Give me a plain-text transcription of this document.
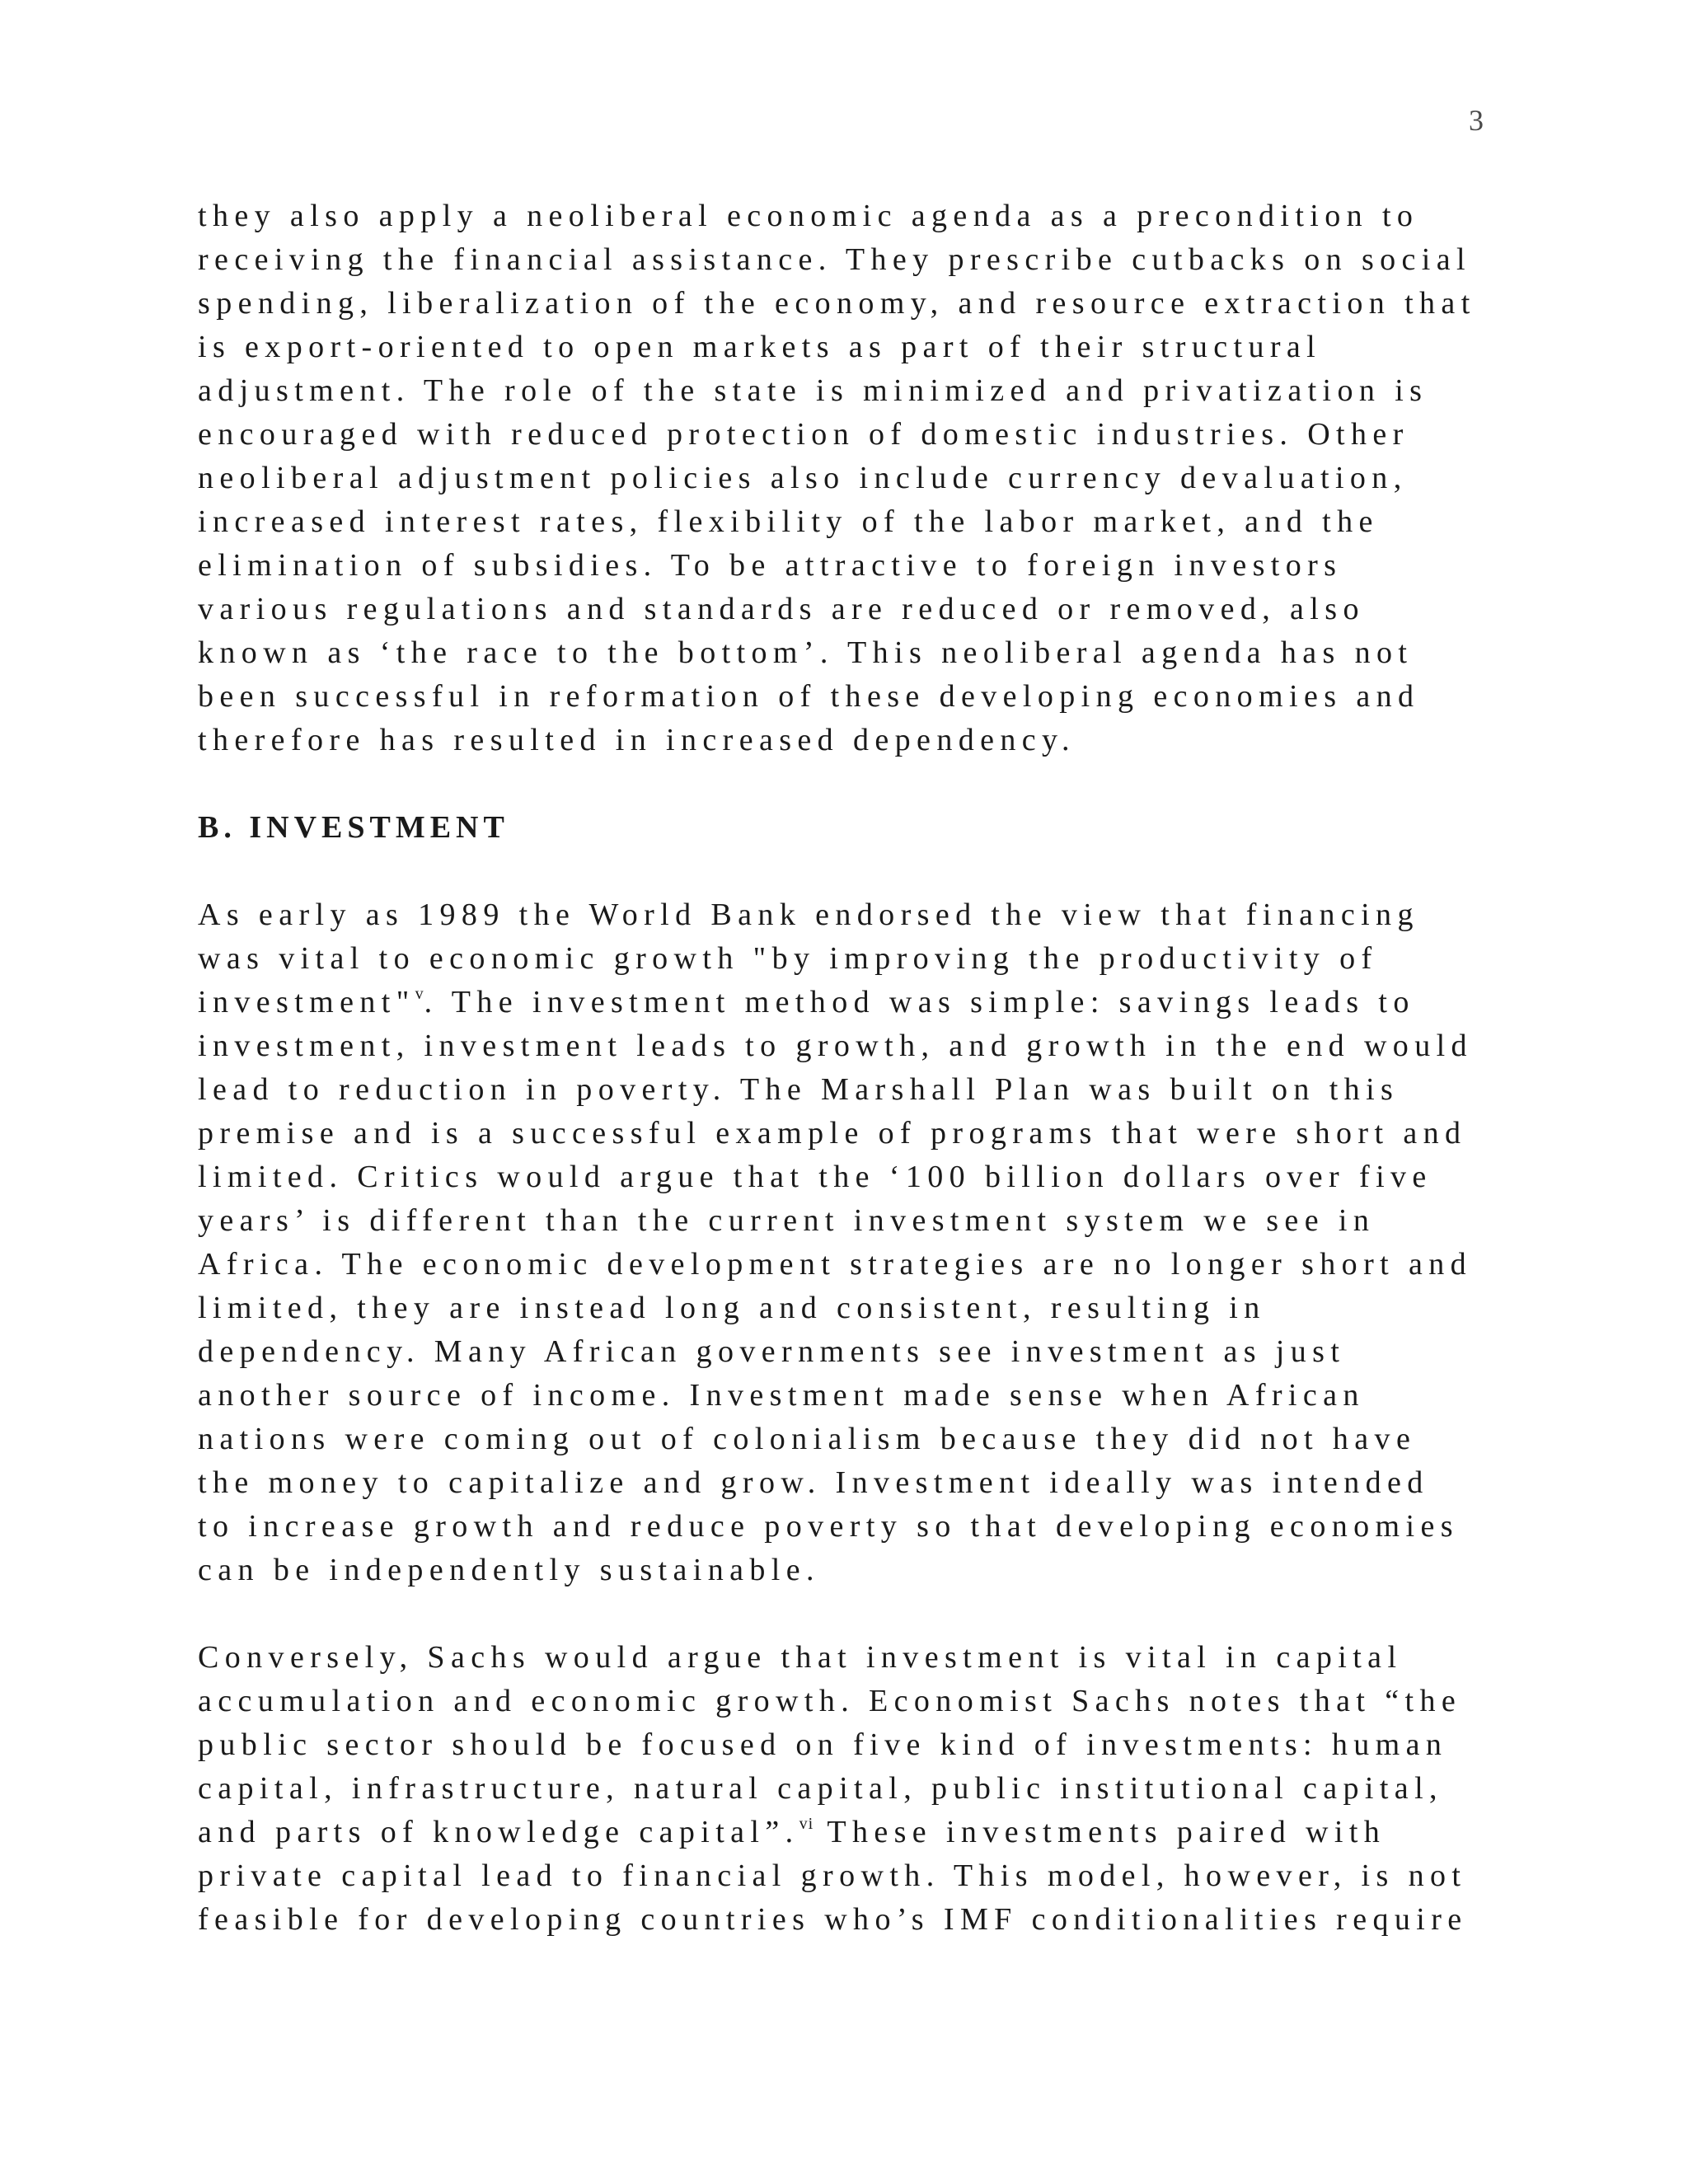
3
they also apply a neoliberal economic agenda as a precondition to
receiving the financial assistance. They prescribe cutbacks on social
spending, liberalization of the economy, and resource extraction that
is export-oriented to open markets as part of their structural
adjustment. The role of the state is minimized and privatization is
encouraged with reduced protection of domestic industries. Other
neoliberal adjustment policies also include currency devaluation,
increased interest rates, flexibility of the labor market, and the
elimination of subsidies. To be attractive to foreign investors
various regulations and standards are reduced or removed, also
known as ‘the race to the bottom’. This neoliberal agenda has not
been successful in reformation of these developing economies and
therefore has resulted in increased dependency.
B. INVESTMENT
As early as 1989 the World Bank endorsed the view that financing
was vital to economic growth "by improving the productivity of
investment"$^v$. The investment method was simple: savings leads to
investment, investment leads to growth, and growth in the end would
lead to reduction in poverty. The Marshall Plan was built on this
premise and is a successful example of programs that were short and
limited. Critics would argue that the ‘100 billion dollars over five
years’ is different than the current investment system we see in
Africa. The economic development strategies are no longer short and
limited, they are instead long and consistent, resulting in
dependency. Many African governments see investment as just
another source of income. Investment made sense when African
nations were coming out of colonialism because they did not have
the money to capitalize and grow. Investment ideally was intended
to increase growth and reduce poverty so that developing economies
can be independently sustainable.
Conversely, Sachs would argue that investment is vital in capital
accumulation and economic growth. Economist Sachs notes that “the
public sector should be focused on five kind of investments: human
capital, infrastructure, natural capital, public institutional capital,
and parts of knowledge capital”.$^{vi}$ These investments paired with
private capital lead to financial growth. This model, however, is not
feasible for developing countries who’s IMF conditionalities require
